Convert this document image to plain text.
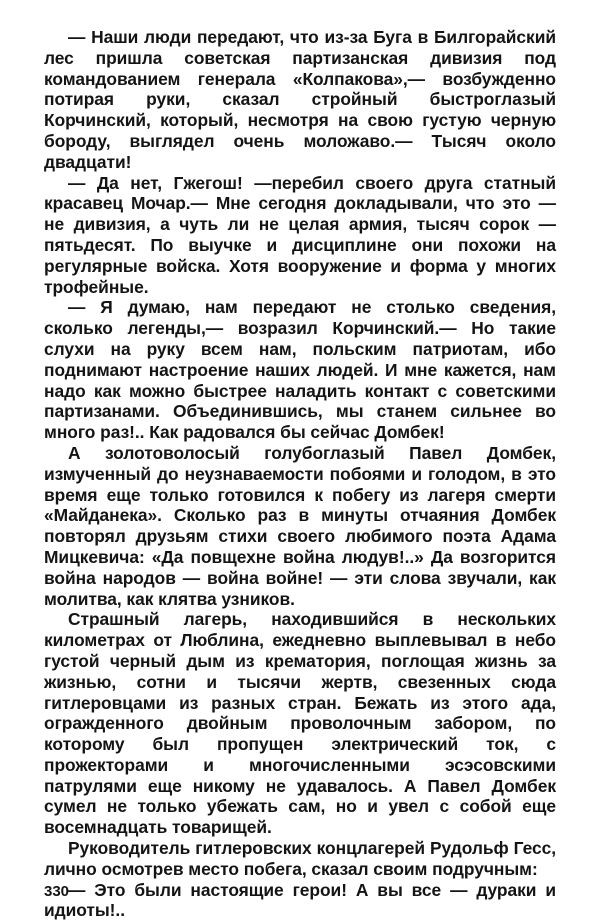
— Наши люди передают, что из-за Буга в Билгорайский лес пришла советская партизанская дивизия под командованием генерала «Колпакова»,— возбужденно потирая руки, сказал стройный быстроглазый Корчинский, который, несмотря на свою густую черную бороду, выглядел очень моложаво.— Тысяч около двадцати!

— Да нет, Гжегош! —перебил своего друга статный красавец Мочар.— Мне сегодня докладывали, что это — не дивизия, а чуть ли не целая армия, тысяч сорок — пятьдесят. По выучке и дисциплине они похожи на регулярные войска. Хотя вооружение и форма у многих трофейные.

— Я думаю, нам передают не столько сведения, сколько легенды,— возразил Корчинский.— Но такие слухи на руку всем нам, польским патриотам, ибо поднимают настроение наших людей. И мне кажется, нам надо как можно быстрее наладить контакт с советскими партизанами. Объединившись, мы станем сильнее во много раз!.. Как радовался бы сейчас Домбек!

А золотоволосый голубоглазый Павел Домбек, измученный до неузнаваемости побоями и голодом, в это время еще только готовился к побегу из лагеря смерти «Майданека». Сколько раз в минуты отчаяния Домбек повторял друзьям стихи своего любимого поэта Адама Мицкевича: «Да повщехне война людув!..» Да возгорится война народов — война войне! — эти слова звучали, как молитва, как клятва узников.

Страшный лагерь, находившийся в нескольких километрах от Люблина, ежедневно выплевывал в небо густой черный дым из крематория, поглощая жизнь за жизнью, сотни и тысячи жертв, свезенных сюда гитлеровцами из разных стран. Бежать из этого ада, огражденного двойным проволочным забором, по которому был пропущен электрический ток, с прожекторами и многочисленными эсэсовскими патрулями еще никому не удавалось. А Павел Домбек сумел не только убежать сам, но и увел с собой еще восемнадцать товарищей.

Руководитель гитлеровских концлагерей Рудольф Гесс, лично осмотрев место побега, сказал своим подручным:

— Это были настоящие герои! А вы все — дураки и идиоты!..

330
